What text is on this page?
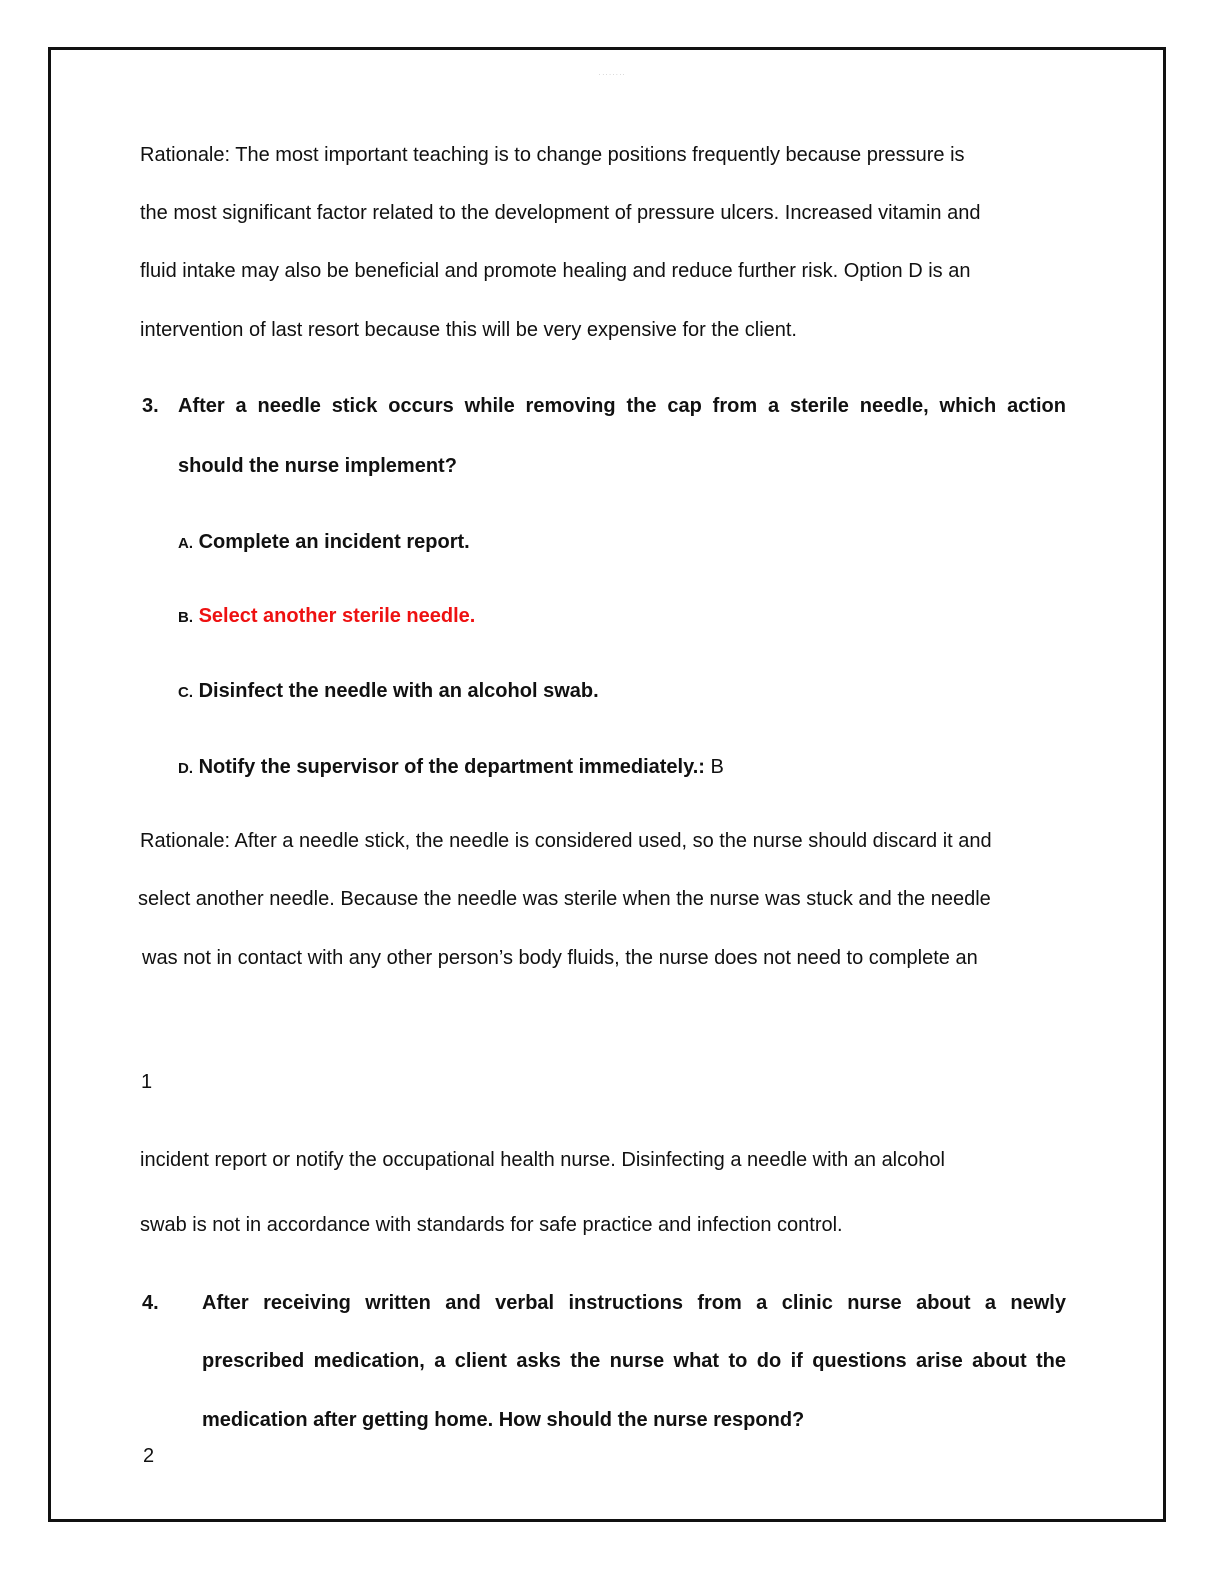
· · · · · · · ·
Rationale: The most important teaching is to change positions frequently because pressure is
the most significant factor related to the development of pressure ulcers. Increased vitamin and
fluid intake may also be beneficial and promote healing and reduce further risk. Option D is an
intervention of last resort because this will be very expensive for the client.
3. After a needle stick occurs while removing the cap from a sterile needle, which action
should the nurse implement?
A. Complete an incident report.
B. Select another sterile needle.
C. Disinfect the needle with an alcohol swab.
D. Notify the supervisor of the department immediately.: B
Rationale: After a needle stick, the needle is considered used, so the nurse should discard it and
select another needle. Because the needle was sterile when the nurse was stuck and the needle
was not in contact with any other person’s body fluids, the nurse does not need to complete an
1
incident report or notify the occupational health nurse. Disinfecting a needle with an alcohol
swab is not in accordance with standards for safe practice and infection control.
4. After receiving written and verbal instructions from a clinic nurse about a newly
prescribed medication, a client asks the nurse what to do if questions arise about the
medication after getting home. How should the nurse respond?
2
